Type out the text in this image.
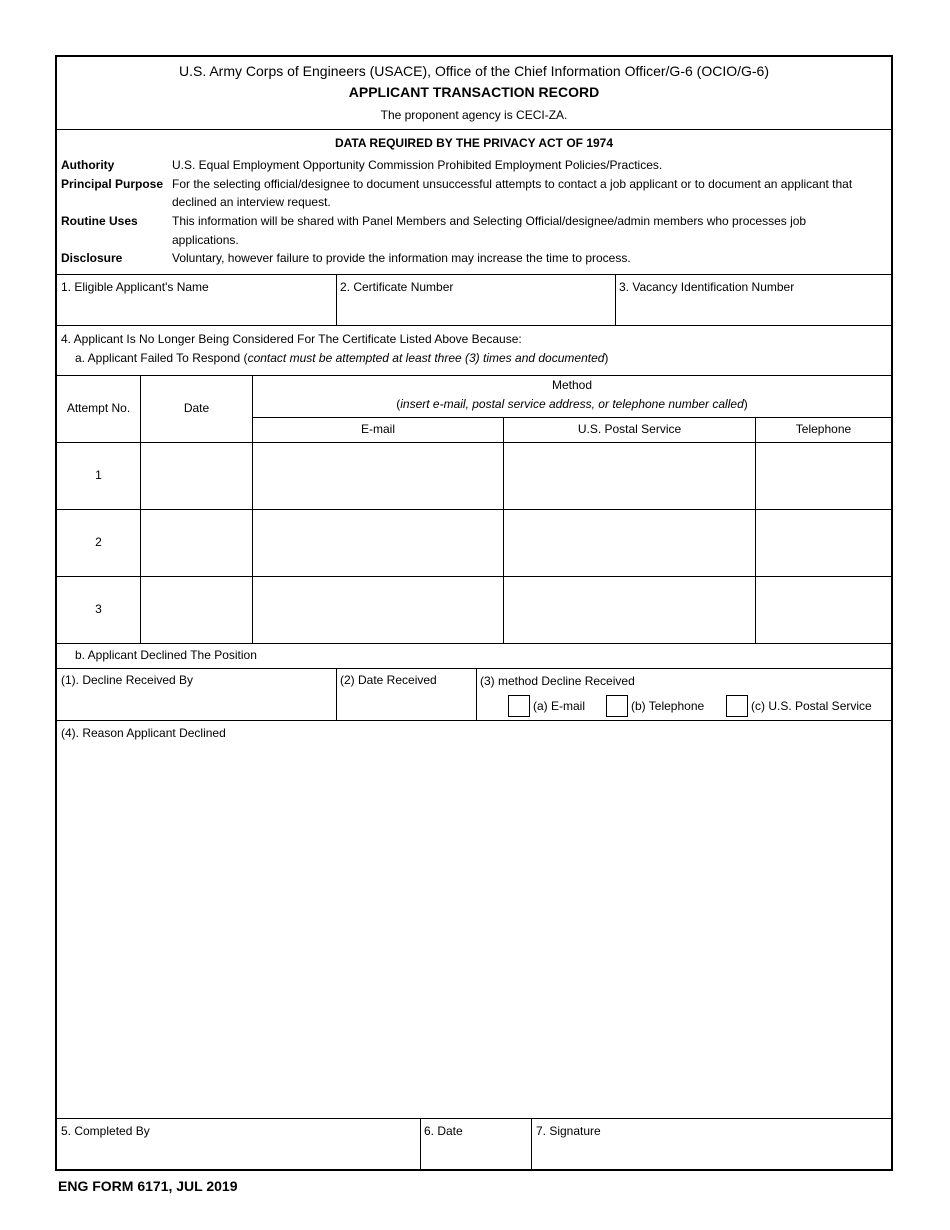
U.S. Army Corps of Engineers (USACE), Office of the Chief Information Officer/G-6 (OCIO/G-6)
APPLICANT TRANSACTION RECORD
The proponent agency is CECI-ZA.
DATA REQUIRED BY THE PRIVACY ACT OF 1974
Authority	U.S. Equal Employment Opportunity Commission Prohibited Employment Policies/Practices.
Principal Purpose For the selecting official/designee to document unsuccessful attempts to contact a job applicant or to document an applicant that
declined an interview request.
Routine Uses	This information will be shared with Panel Members and Selecting Official/designee/admin members who processes job
applications.
Disclosure	Voluntary, however failure to provide the information may increase the time to process.
1. Eligible Applicant's Name	2. Certificate Number	3. Vacancy Identification Number
4. Applicant Is No Longer Being Considered For The Certificate Listed Above Because:
a. Applicant Failed To Respond (contact must be attempted at least three (3) times and documented)
Attempt No.	Date
Method
(insert e-mail, postal service address, or telephone number called)
E-mail	U.S. Postal Service	Telephone
1
2
3
b. Applicant Declined The Position
(1). Decline Received By	(2) Date Received	(3) method Decline Received
(a) E-mail	(b) Telephone	(c) U.S. Postal Service
(4). Reason Applicant Declined
5. Completed By	6. Date	7. Signature
ENG FORM 6171, JUL 2019
